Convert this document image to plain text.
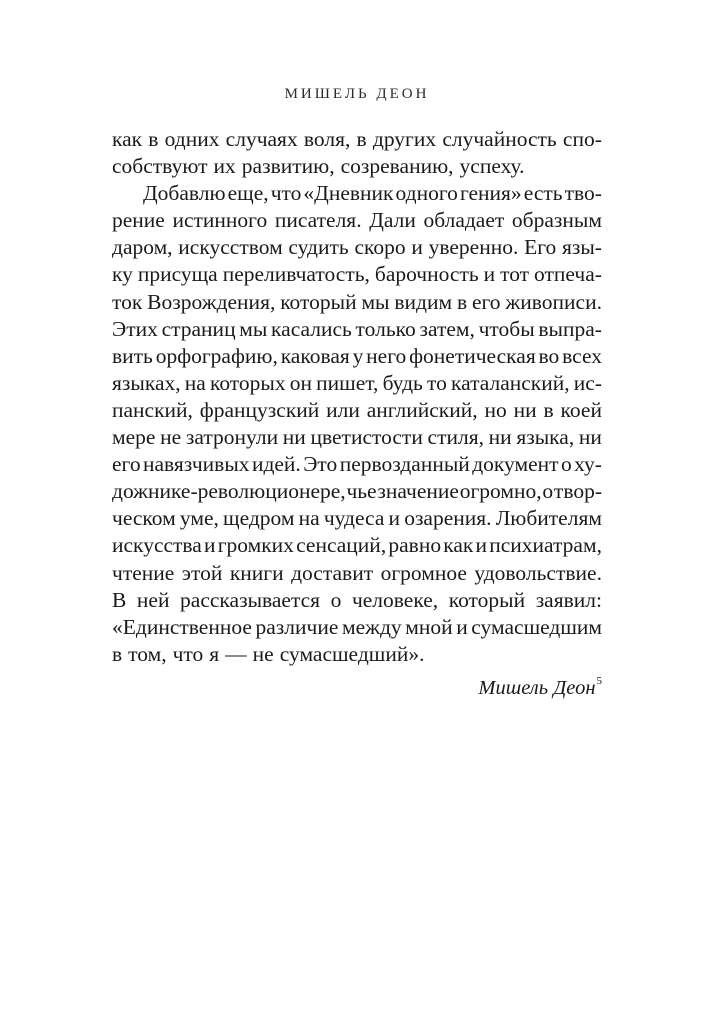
МИШЕЛЬ ДЕОН
как в одних случаях воля, в других случайность спо-
собствуют их развитию, созреванию, успеху.
Добавлю еще, что «Дневник одного гения» есть тво-
рение истинного писателя. Дали обладает образным
даром, искусством судить скоро и уверенно. Его язы-
ку присуща переливчатость, барочность и тот отпеча-
ток Возрождения, который мы видим в его живописи.
Этих страниц мы касались только затем, чтобы выпра-
вить орфографию, каковая у него фонетическая во всех
языках, на которых он пишет, будь то каталанский, ис-
панский, французский или английский, но ни в коей
мере не затронули ни цветистости стиля, ни языка, ни
его навязчивых идей. Это первозданный документ о ху-
дожнике-революционере, чье значение огромно, о твор-
ческом уме, щедром на чудеса и озарения. Любителям
искусства и громких сенсаций, равно как и психиатрам,
чтение этой книги доставит огромное удовольствие.
В ней рассказывается о человеке, который заявил:
«Единственное различие между мной и сумасшедшим
в том, что я — не сумасшедший».
Мишель Деон$^5$
